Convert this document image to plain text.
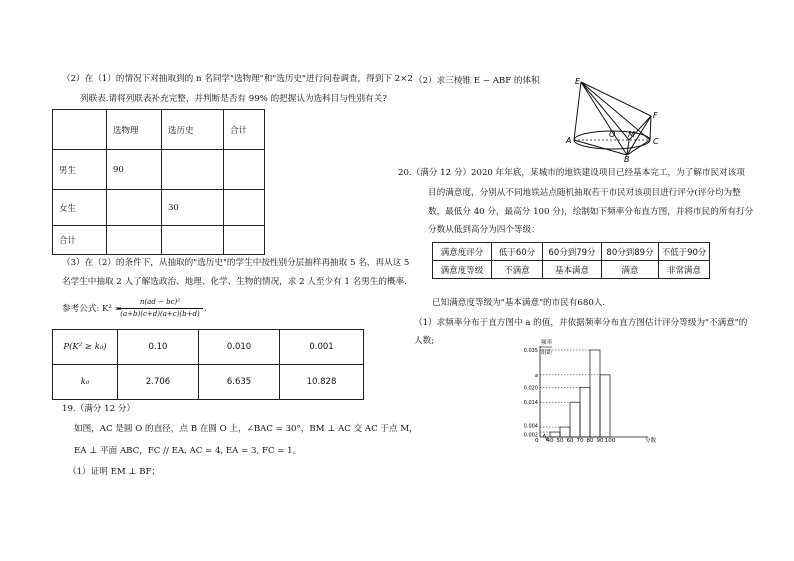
（2）在（1）的情况下对抽取到的 n 名同学"选物理"和"选历史"进行问卷调查，得到下 2×2
列联表.请将列联表补充完整，并判断是否有 99% 的把握认为选科目与性别有关?
	选物理	选历史	合计
男生	90		
女生		30	
合计			
（3）在（2）的条件下，从抽取的"选历史"的学生中按性别分层抽样再抽取 5 名，再从这 5
名学生中抽取 2 人了解选政治、地理、化学、生物的情况，求 2 人至少有 1 名男生的概率.
参考公式: K² =
n(ad − bc)²
(a+b)(c+d)(a+c)(b+d) .
P(K² ≥ k₀)	0.10	0.010	0.001
k₀	2.706	6.635	10.828
19.（满分 12 分）
如图，AC 是圆 O 的直径，点 B 在圆 O 上，∠BAC = 30°，BM ⊥ AC 交 AC 于点 M，
EA ⊥ 平面 ABC，FC // EA, AC = 4, EA = 3, FC = 1。
（1）证明 EM ⊥ BF；
（2）求三棱锥 E − ABF 的体积	E
F
A
O M
C
B
20.（满分 12 分）2020 年年底，某城市的地铁建设项目已经基本完工，为了解市民对该项
目的满意度，分别从不同地铁站点随机抽取若干市民对该项目进行评分(评分均为整
数，最低分 40 分，最高分 100 分)，绘制如下频率分布直方图，并将市民的所有打分
分数从低到高分为四个等级：
满意度评分	低于60分	60分到79分	80分到89分	不低于90分
满意度等级	不满意	基本满意	满意	非常满意
已知满意度等级为"基本满意"的市民有680人.
（1）求频率分布于直方图中 a 的值，并依据频率分布直方图估计评分等级为"不满意"的
人数;	频率
组距
0	分数
0.035
a
0.020
0.014
0.004
0.002
40 50 60 70 80 90 100
